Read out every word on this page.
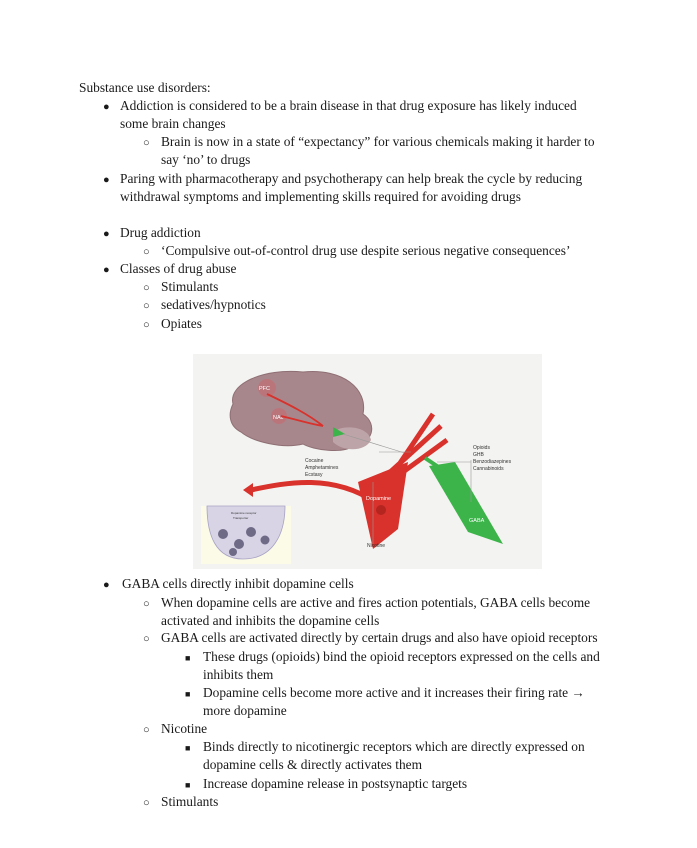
Substance use disorders:
● Addiction is considered to be a brain disease in that drug exposure has likely induced
some brain changes
○ Brain is now in a state of “expectancy” for various chemicals making it harder to
say ‘no’ to drugs
● Paring with pharmacotherapy and psychotherapy can help break the cycle by reducing
withdrawal symptoms and implementing skills required for avoiding drugs
● Drug addiction
○ ‘Compulsive out-of-control drug use despite serious negative consequences’
● Classes of drug abuse
○ Stimulants
○ sedatives/hypnotics
○ Opiates
PFC
NAc
Dopamine
GABA
Cocaine
Amphetamines
Ecstasy
Opioids
GHB
Benzodiazepines
Cannabinoids
Nicotine
Dopamine receptor
Transporter
● GABA cells directly inhibit dopamine cells
○ When dopamine cells are active and fires action potentials, GABA cells become
activated and inhibits the dopamine cells
○ GABA cells are activated directly by certain drugs and also have opioid receptors
■ These drugs (opioids) bind the opioid receptors expressed on the cells and
inhibits them
■ Dopamine cells become more active and it increases their firing rate →
more dopamine
○ Nicotine
■ Binds directly to nicotinergic receptors which are directly expressed on
dopamine cells & directly activates them
■ Increase dopamine release in postsynaptic targets
○ Stimulants
